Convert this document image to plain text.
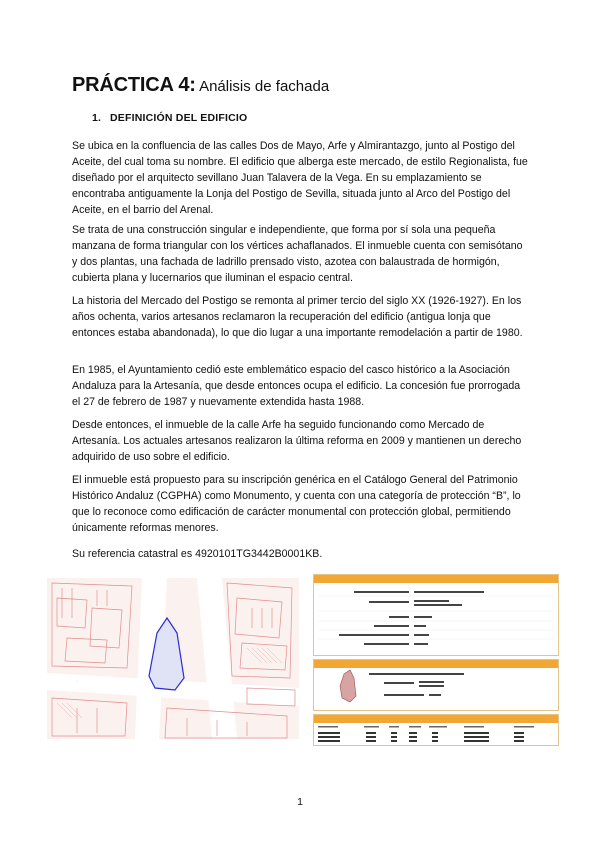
PRÁCTICA 4: Análisis de fachada
1. DEFINICIÓN DEL EDIFICIO
Se ubica en la confluencia de las calles Dos de Mayo, Arfe y Almirantazgo, junto al Postigo del Aceite, del cual toma su nombre. El edificio que alberga este mercado, de estilo Regionalista, fue diseñado por el arquitecto sevillano Juan Talavera de la Vega. En su emplazamiento se encontraba antiguamente la Lonja del Postigo de Sevilla, situada junto al Arco del Postigo del Aceite, en el barrio del Arenal.
Se trata de una construcción singular e independiente, que forma por sí sola una pequeña manzana de forma triangular con los vértices achaflanados. El inmueble cuenta con semisótano y dos plantas, una fachada de ladrillo prensado visto, azotea con balaustrada de hormigón, cubierta plana y lucernarios que iluminan el espacio central.
La historia del Mercado del Postigo se remonta al primer tercio del siglo XX (1926-1927). En los años ochenta, varios artesanos reclamaron la recuperación del edificio (antigua lonja que entonces estaba abandonada), lo que dio lugar a una importante remodelación a partir de 1980.
En 1985, el Ayuntamiento cedió este emblemático espacio del casco histórico a la Asociación Andaluza para la Artesanía, que desde entonces ocupa el edificio. La concesión fue prorrogada el 27 de febrero de 1987 y nuevamente extendida hasta 1988.
Desde entonces, el inmueble de la calle Arfe ha seguido funcionando como Mercado de Artesanía. Los actuales artesanos realizaron la última reforma en 2009 y mantienen un derecho adquirido de uso sobre el edificio.
El inmueble está propuesto para su inscripción genérica en el Catálogo General del Patrimonio Histórico Andaluz (CGPHA) como Monumento, y cuenta con una categoría de protección “B”, lo que lo reconoce como edificación de carácter monumental con protección global, permitiendo únicamente reformas menores.
Su referencia catastral es 4920101TG3442B0001KB.
·
1
